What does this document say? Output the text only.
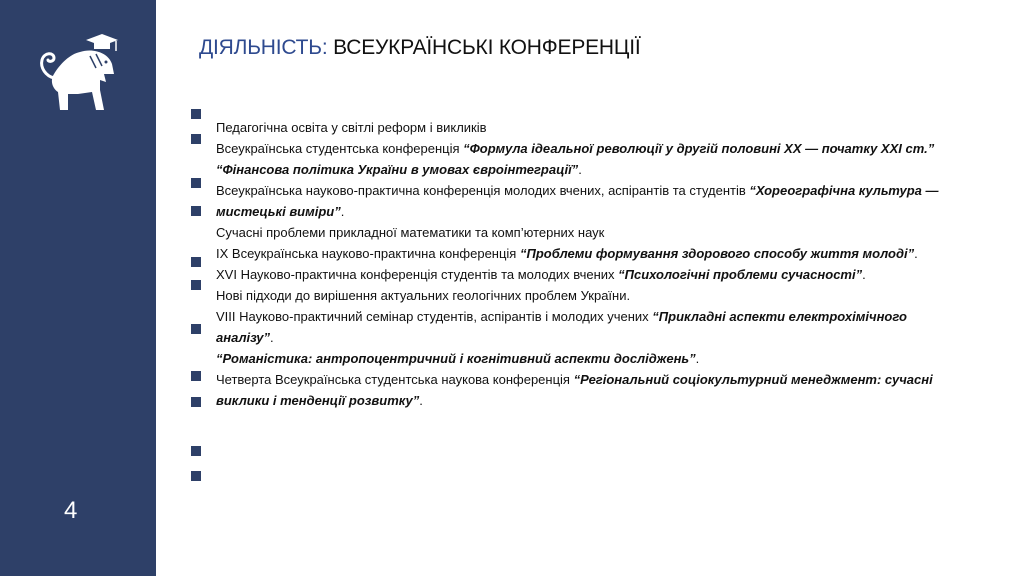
4
ДІЯЛЬНІСТЬ: ВСЕУКРАЇНСЬКІ КОНФЕРЕНЦІЇ

Педагогічна освіта у світлі реформ і викликів

Всеукраїнська студентська конференція “Формула ідеальної революції у другій половині ХХ — початку ХХІ ст.”

“Фінансова політика України в умовах євроінтеграції”.

Всеукраїнська науково-практична конференція молодих вчених, аспірантів та студентів “Хореографічна культура — мистецькі виміри”.

Сучасні проблеми прикладної математики та комп’ютерних наук

IX Всеукраїнська науково-практична конференція “Проблеми формування здорового способу життя молоді”.

XVI Науково-практична конференція студентів та молодих вчених “Психологічні проблеми сучасності”.

Нові підходи до вирішення актуальних геологічних проблем України.

VIII Науково-практичний семінар студентів, аспірантів і молодих учених “Прикладні аспекти електрохімічного аналізу”.

“Романістика: антропоцентричний і когнітивний аспекти досліджень”.

Четверта Всеукраїнська студентська наукова конференція “Регіональний соціокультурний менеджмент: сучасні виклики і тенденції розвитку”.
